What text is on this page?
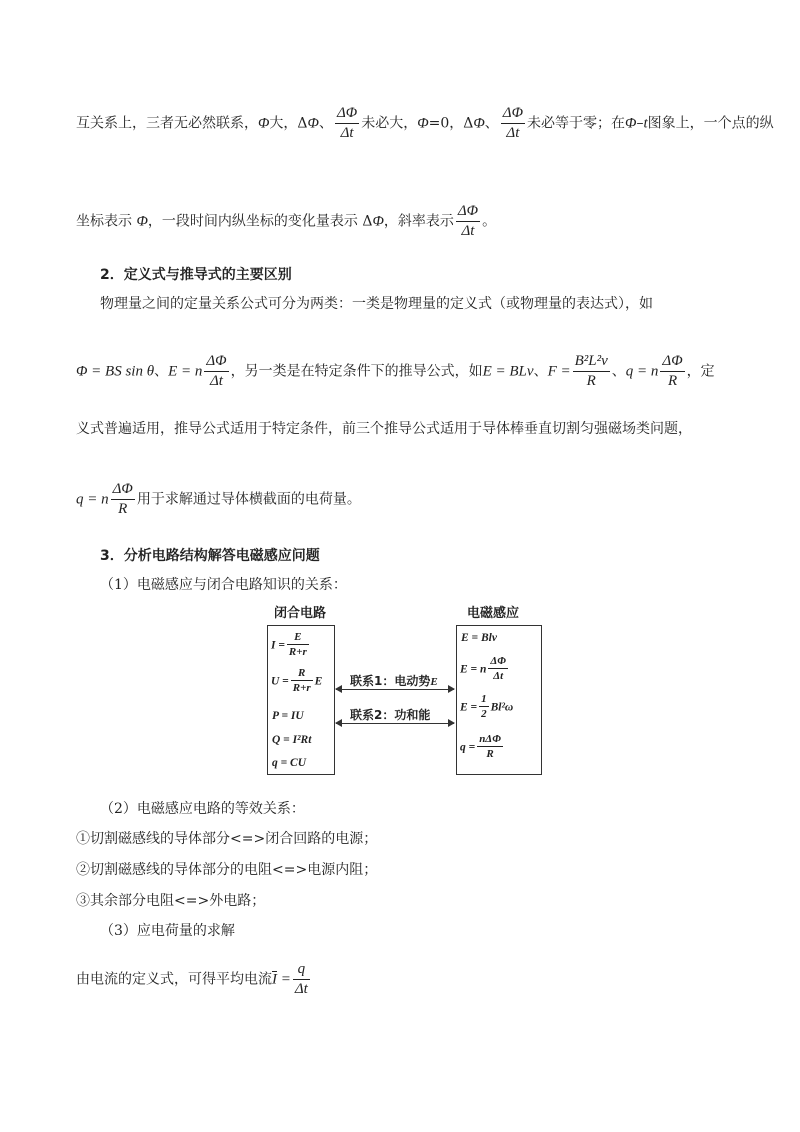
互关系上，三者无必然联系，Φ大，ΔΦ、 $\frac{\Delta\Phi}{\Delta t}$ 未必大，Φ=0，ΔΦ、 $\frac{\Delta\Phi}{\Delta t}$ 未必等于零；在Φ–t图象上，一个点的纵
坐标表示 Φ，一段时间内纵坐标的变化量表示 ΔΦ，斜率表示 $\frac{\Delta\Phi}{\Delta t}$ 。
2．定义式与推导式的主要区别
物理量之间的定量关系公式可分为两类：一类是物理量的定义式（或物理量的表达式），如
Φ = BS sin θ、E = n $\frac{\Delta\Phi}{\Delta t}$ ，另一类是在特定条件下的推导公式，如E = BLv、$F = \frac{\text{B²L²v}}{R}$ 、q = n $\frac{\Delta\Phi}{R}$ ，定
义式普遍适用，推导公式适用于特定条件，前三个推导公式适用于导体棒垂直切割匀强磁场类问题，
q = n $\frac{\Delta\Phi}{R}$ 用于求解通过导体横截面的电荷量。
3．分析电路结构解答电磁感应问题
（1）电磁感应与闭合电路知识的关系：
闭合电路	电磁感应
$I = \frac{E}{R+r}$
$U = \frac{R}{R+r}$ E
P = IU
Q = I²Rt
q = CU
联系1：电动势E
联系2：功和能
E = Blv
E = n $\frac{\Delta\Phi}{\Delta t}$
$E = \frac{1}{2} Bl^2\omega$
$q = \frac{\text{nΔΦ}}{R}$
（2）电磁感应电路的等效关系：
①切割磁感线的导体部分<=>闭合回路的电源；
②切割磁感线的导体部分的电阻<=>电源内阻；
③其余部分电阻<=>外电路；
（3）应电荷量的求解
由电流的定义式，可得平均电流$\overline{I} = \frac{q}{\Delta t}$
